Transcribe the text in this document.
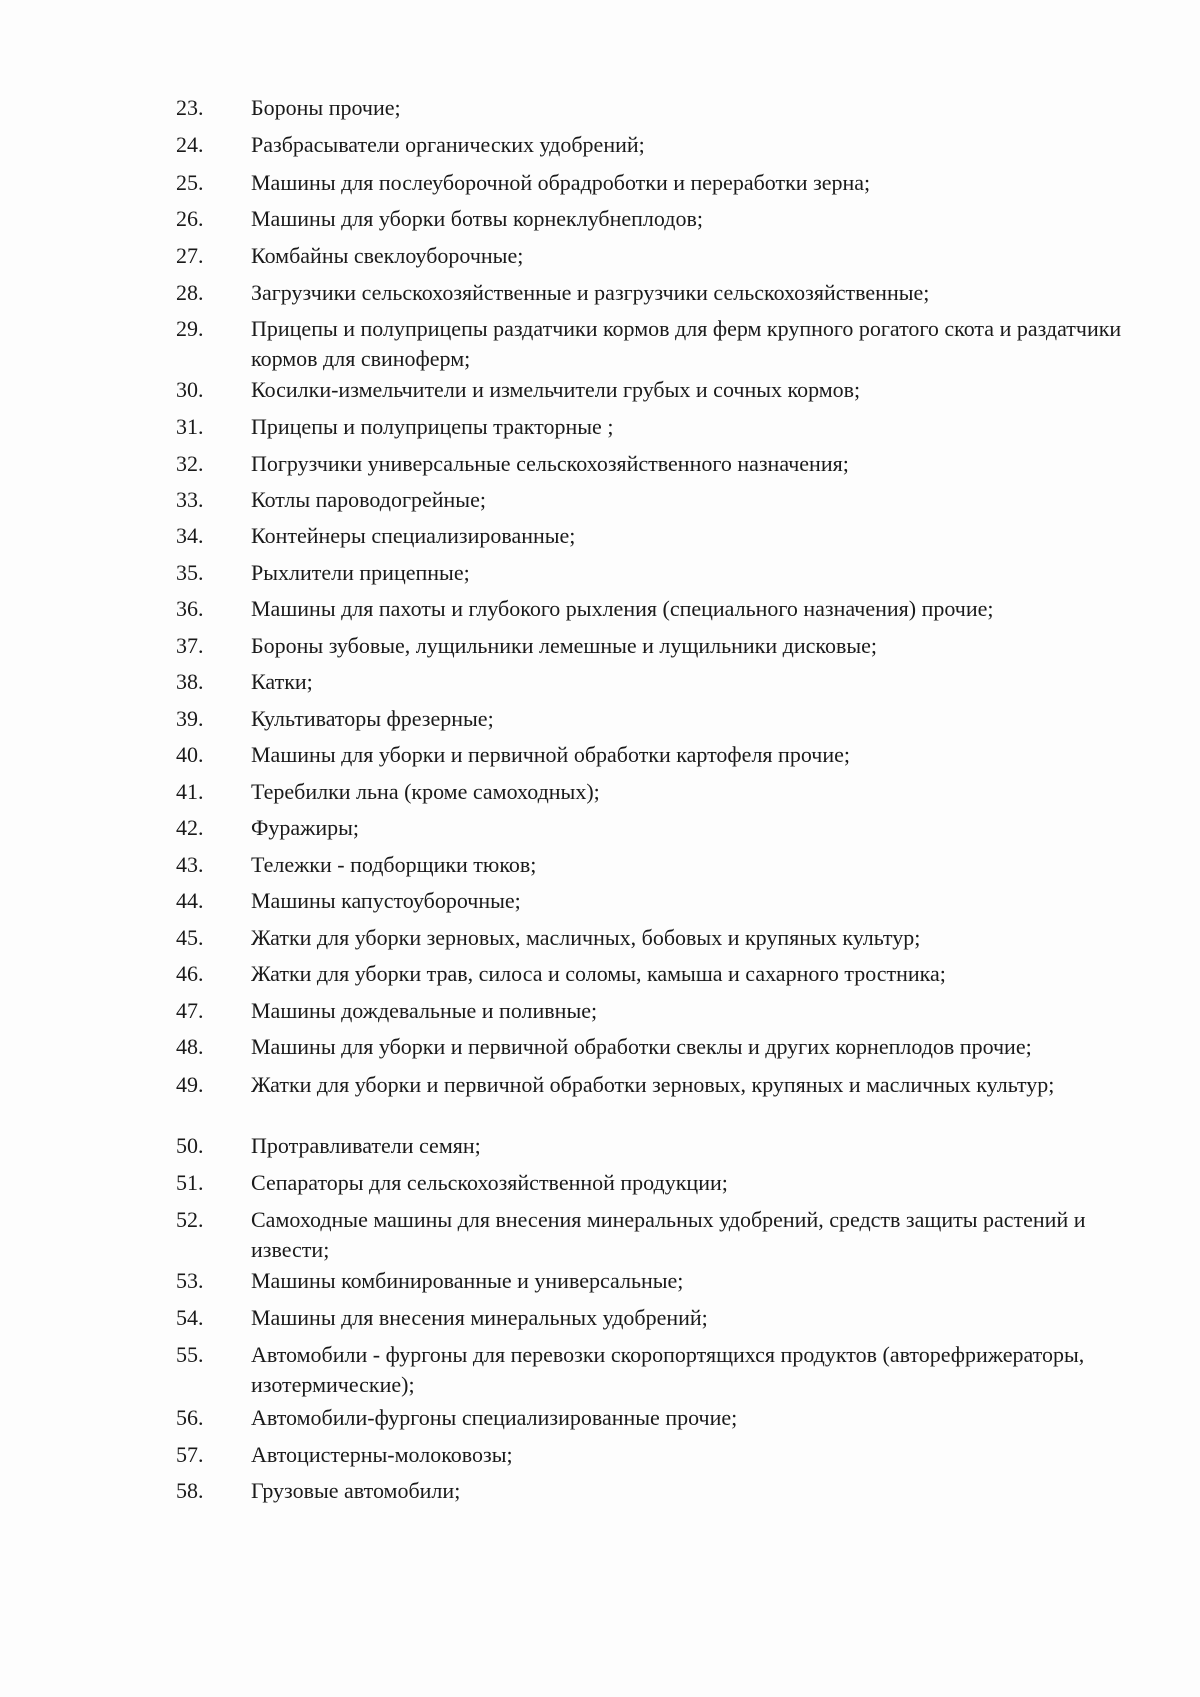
23. Бороны прочие;
24. Разбрасыватели органических удобрений;
25. Машины для послеуборочной обрадроботки и переработки зерна;
26. Машины для уборки ботвы корнеклубнеплодов;
27. Комбайны свеклоуборочные;
28. Загрузчики сельскохозяйственные и разгрузчики сельскохозяйственные;
29. Прицепы и полуприцепы раздатчики кормов для ферм крупного рогатого скота и раздатчики кормов для свиноферм;
30. Косилки-измельчители и измельчители грубых и сочных кормов;
31. Прицепы и полуприцепы тракторные ;
32. Погрузчики универсальные сельскохозяйственного назначения;
33. Котлы пароводогрейные;
34. Контейнеры специализированные;
35. Рыхлители прицепные;
36. Машины для пахоты и глубокого рыхления (специального назначения) прочие;
37. Бороны зубовые, лущильники лемешные и лущильники дисковые;
38. Катки;
39. Культиваторы фрезерные;
40. Машины для уборки и первичной обработки картофеля прочие;
41. Теребилки льна (кроме самоходных);
42. Фуражиры;
43. Тележки - подборщики тюков;
44. Машины капустоуборочные;
45. Жатки для уборки зерновых, масличных, бобовых и крупяных культур;
46. Жатки для уборки трав, силоса и соломы, камыша и сахарного тростника;
47. Машины дождевальные и поливные;
48. Машины для уборки и первичной обработки свеклы и других корнеплодов прочие;
49. Жатки для уборки и первичной обработки зерновых, крупяных и масличных культур;
50. Протравливатели семян;
51. Сепараторы для сельскохозяйственной продукции;
52. Самоходные машины для внесения минеральных удобрений, средств защиты растений и извести;
53. Машины комбинированные и универсальные;
54. Машины для внесения минеральных удобрений;
55. Автомобили - фургоны для перевозки скоропортящихся продуктов (авторефрижераторы, изотермические);
56. Автомобили-фургоны специализированные прочие;
57. Автоцистерны-молоковозы;
58. Грузовые автомобили;
